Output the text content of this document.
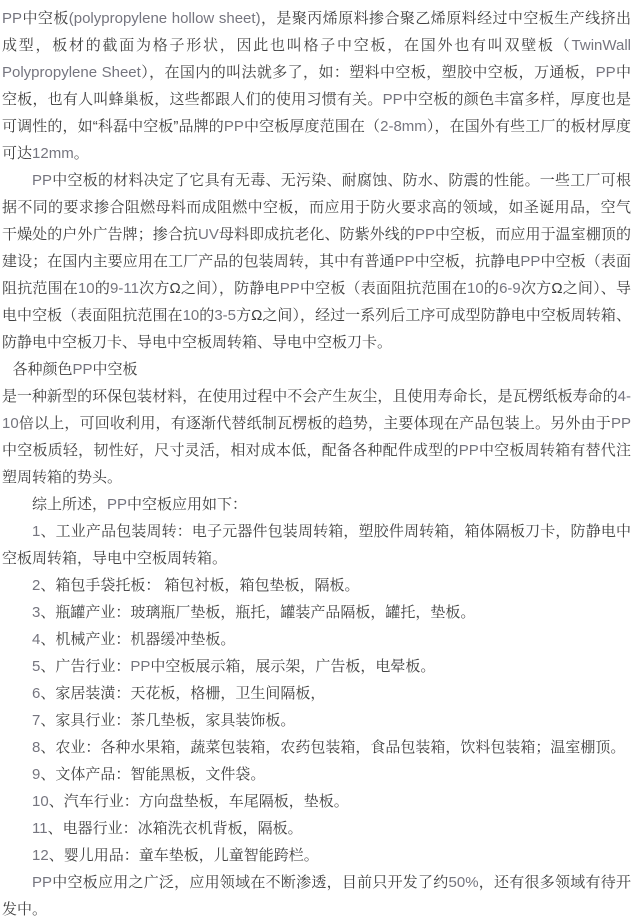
PP中空板(polypropylene hollow sheet)，是聚丙烯原料掺合聚乙烯原料经过中空板生产线挤出成型，板材的截面为格子形状，因此也叫格子中空板，在国外也有叫双壁板（TwinWall Polypropylene Sheet），在国内的叫法就多了，如：塑料中空板，塑胶中空板，万通板，PP中空板，也有人叫蜂巢板，这些都跟人们的使用习惯有关。PP中空板的颜色丰富多样，厚度也是可调性的，如“科磊中空板”品牌的PP中空板厚度范围在（2-8mm），在国外有些工厂的板材厚度可达12mm。

PP中空板的材料决定了它具有无毒、无污染、耐腐蚀、防水、防震的性能。一些工厂可根据不同的要求掺合阻燃母料而成阻燃中空板，而应用于防火要求高的领域，如圣诞用品，空气干燥处的户外广告牌；掺合抗UV母料即成抗老化、防紫外线的PP中空板，而应用于温室棚顶的建设；在国内主要应用在工厂产品的包装周转，其中有普通PP中空板，抗静电PP中空板（表面阻抗范围在10的9-11次方Ω之间），防静电PP中空板（表面阻抗范围在10的6-9次方Ω之间）、导电中空板（表面阻抗范围在10的3-5方Ω之间），经过一系列后工序可成型防静电中空板周转箱、防静电中空板刀卡、导电中空板周转箱、导电中空板刀卡。

各种颜色PP中空板

是一种新型的环保包装材料，在使用过程中不会产生灰尘，且使用寿命长，是瓦楞纸板寿命的4-10倍以上，可回收利用，有逐渐代替纸制瓦楞板的趋势，主要体现在产品包装上。另外由于PP中空板质轻，韧性好，尺寸灵活，相对成本低，配备各种配件成型的PP中空板周转箱有替代注塑周转箱的势头。

综上所述，PP中空板应用如下：

1、工业产品包装周转：电子元器件包装周转箱，塑胶件周转箱，箱体隔板刀卡，防静电中空板周转箱，导电中空板周转箱。

2、箱包手袋托板： 箱包衬板，箱包垫板，隔板。

3、瓶罐产业：玻璃瓶厂垫板，瓶托，罐装产品隔板，罐托，垫板。

4、机械产业：机器缓冲垫板。

5、广告行业：PP中空板展示箱，展示架，广告板，电晕板。

6、家居装潢：天花板，格栅，卫生间隔板，

7、家具行业：茶几垫板，家具装饰板。

8、农业：各种水果箱，蔬菜包装箱，农药包装箱，食品包装箱，饮料包装箱；温室棚顶。

9、文体产品：智能黑板，文件袋。

10、汽车行业：方向盘垫板，车尾隔板，垫板。

11、电器行业：冰箱洗衣机背板，隔板。

12、婴儿用品：童车垫板，儿童智能跨栏。

PP中空板应用之广泛，应用领域在不断渗透，目前只开发了约50%，还有很多领域有待开发中。
